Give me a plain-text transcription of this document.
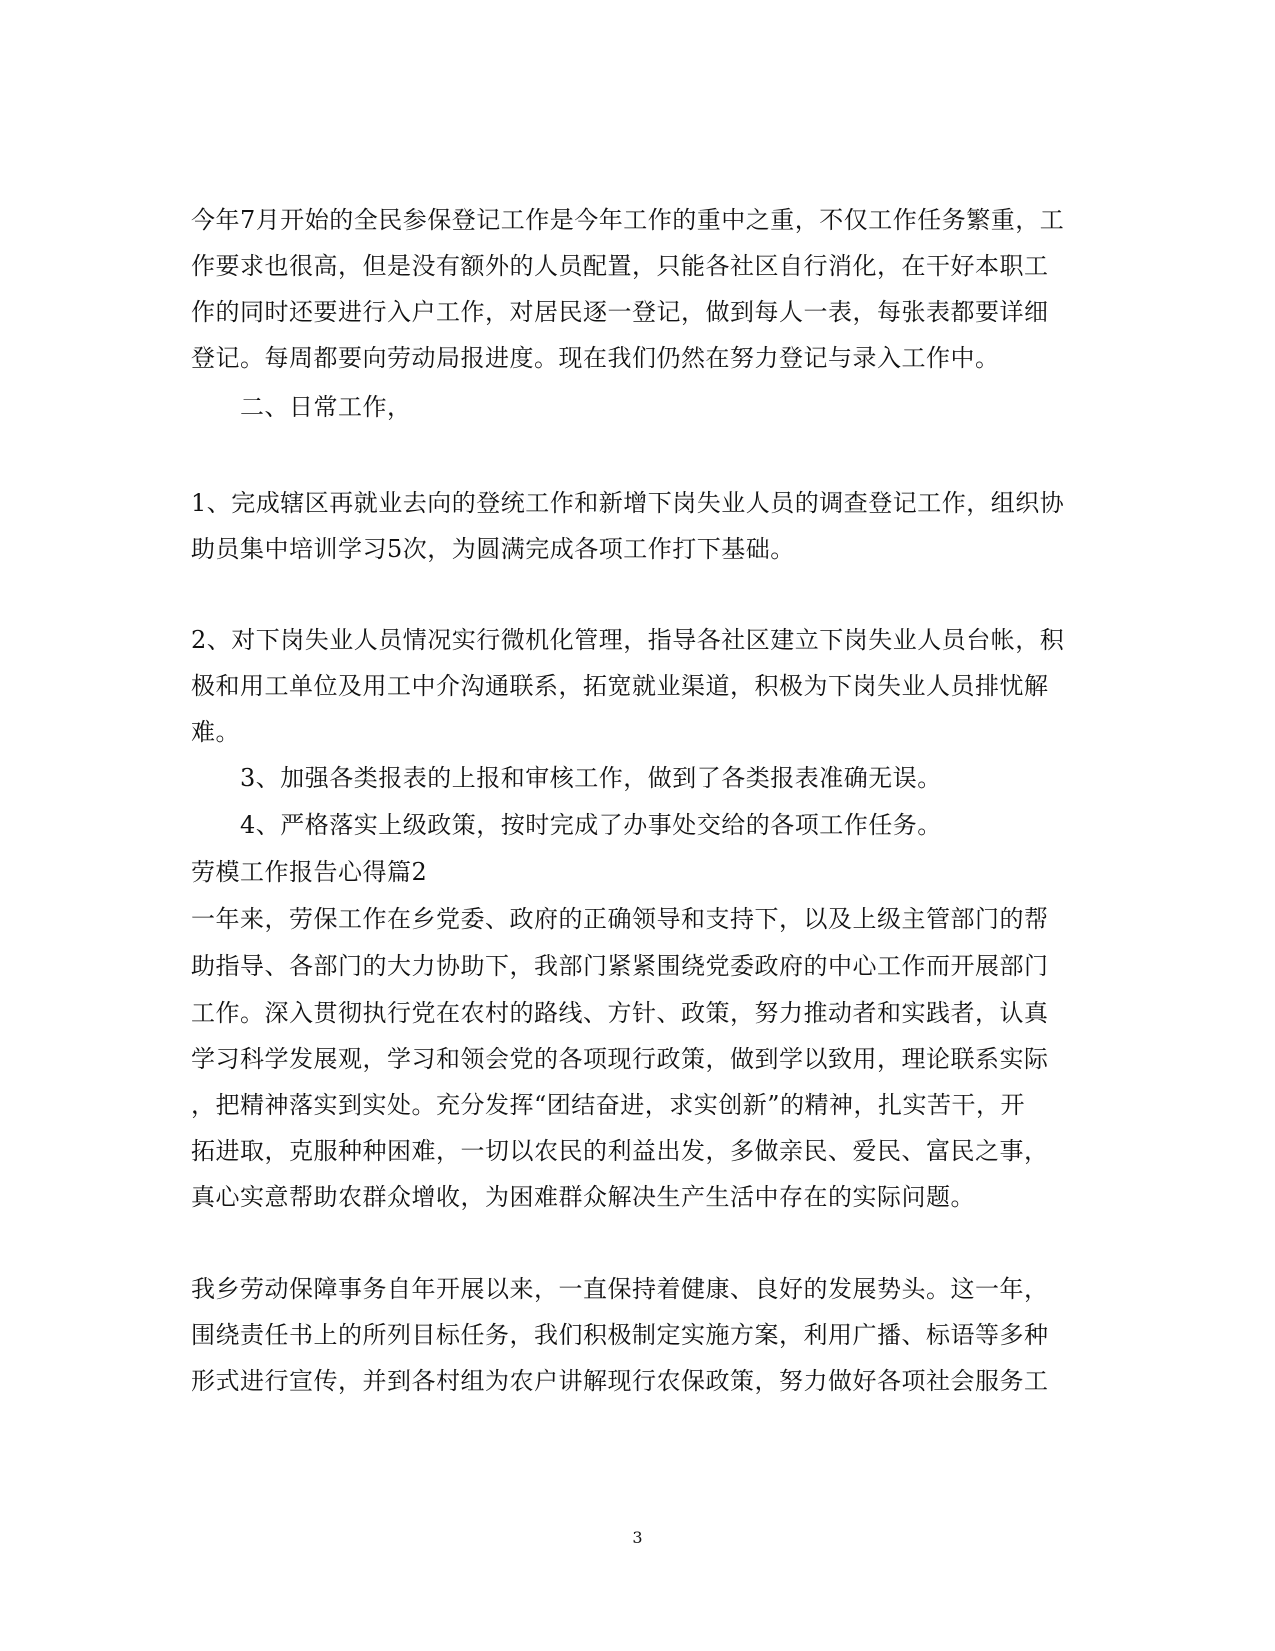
今年7月开始的全民参保登记工作是今年工作的重中之重，不仅工作任务繁重，工
作要求也很高，但是没有额外的人员配置，只能各社区自行消化，在干好本职工
作的同时还要进行入户工作，对居民逐一登记，做到每人一表，每张表都要详细
登记。每周都要向劳动局报进度。现在我们仍然在努力登记与录入工作中。
二、日常工作，
1、完成辖区再就业去向的登统工作和新增下岗失业人员的调查登记工作，组织协
助员集中培训学习5次，为圆满完成各项工作打下基础。
2、对下岗失业人员情况实行微机化管理，指导各社区建立下岗失业人员台帐，积
极和用工单位及用工中介沟通联系，拓宽就业渠道，积极为下岗失业人员排忧解
难。
3、加强各类报表的上报和审核工作，做到了各类报表准确无误。
4、严格落实上级政策，按时完成了办事处交给的各项工作任务。
劳模工作报告心得篇2
一年来，劳保工作在乡党委、政府的正确领导和支持下，以及上级主管部门的帮
助指导、各部门的大力协助下，我部门紧紧围绕党委政府的中心工作而开展部门
工作。深入贯彻执行党在农村的路线、方针、政策，努力推动者和实践者，认真
学习科学发展观，学习和领会党的各项现行政策，做到学以致用，理论联系实际
，把精神落实到实处。充分发挥“团结奋进，求实创新”的精神，扎实苦干，开
拓进取，克服种种困难，一切以农民的利益出发，多做亲民、爱民、富民之事，
真心实意帮助农群众增收，为困难群众解决生产生活中存在的实际问题。
我乡劳动保障事务自年开展以来，一直保持着健康、良好的发展势头。这一年，
围绕责任书上的所列目标任务，我们积极制定实施方案，利用广播、标语等多种
形式进行宣传，并到各村组为农户讲解现行农保政策，努力做好各项社会服务工
3
